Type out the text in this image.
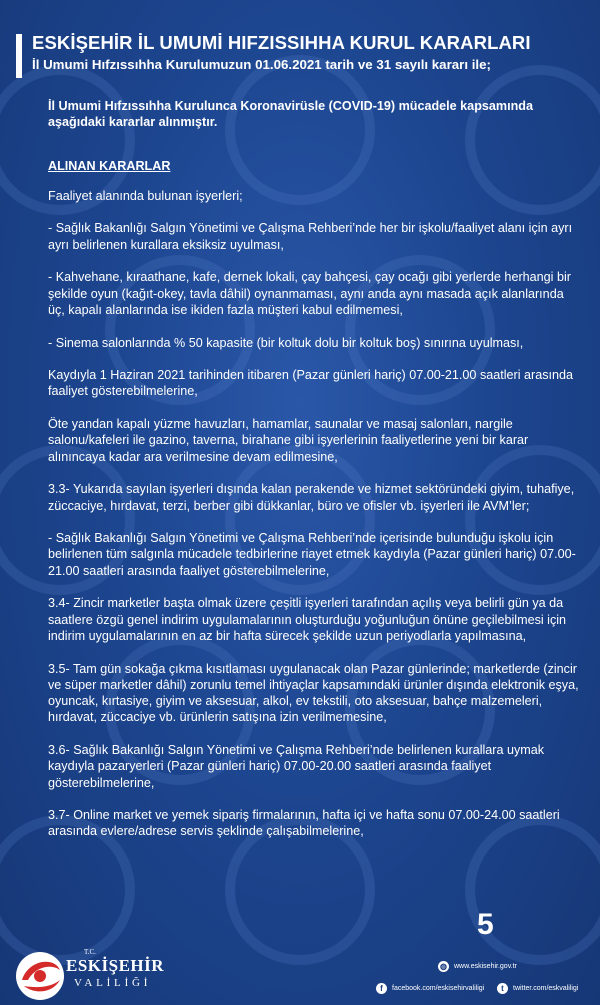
ESKİŞEHİR İL UMUMİ HIFZISSIHHA KURUL KARARLARI
İl Umumi Hıfzıssıhha Kurulumuzun 01.06.2021 tarih ve 31 sayılı kararı ile;

İl Umumi Hıfzıssıhha Kurulunca Koronavirüsle (COVID-19) mücadele kapsamında aşağıdaki kararlar alınmıştır.

ALINAN KARARLAR

Faaliyet alanında bulunan işyerleri;

- Sağlık Bakanlığı Salgın Yönetimi ve Çalışma Rehberi’nde her bir işkolu/faaliyet alanı için ayrı ayrı belirlenen kurallara eksiksiz uyulması,

- Kahvehane, kıraathane, kafe, dernek lokali, çay bahçesi, çay ocağı gibi yerlerde herhangi bir şekilde oyun (kağıt-okey, tavla dâhil) oynanmaması, aynı anda aynı masada açık alanlarında üç, kapalı alanlarında ise ikiden fazla müşteri kabul edilmemesi,

- Sinema salonlarında % 50 kapasite (bir koltuk dolu bir koltuk boş) sınırına uyulması,

Kaydıyla 1 Haziran 2021 tarihinden itibaren (Pazar günleri hariç) 07.00-21.00 saatleri arasında faaliyet gösterebilmelerine,

Öte yandan kapalı yüzme havuzları, hamamlar, saunalar ve masaj salonları, nargile salonu/kafeleri ile gazino, taverna, birahane gibi işyerlerinin faaliyetlerine yeni bir karar alınıncaya kadar ara verilmesine devam edilmesine,

3.3- Yukarıda sayılan işyerleri dışında kalan perakende ve hizmet sektöründeki giyim, tuhafiye, züccaciye, hırdavat, terzi, berber gibi dükkanlar, büro ve ofisler vb. işyerleri ile AVM’ler;

- Sağlık Bakanlığı Salgın Yönetimi ve Çalışma Rehberi’nde içerisinde bulunduğu işkolu için belirlenen tüm salgınla mücadele tedbirlerine riayet etmek kaydıyla (Pazar günleri hariç) 07.00-21.00 saatleri arasında faaliyet gösterebilmelerine,

3.4- Zincir marketler başta olmak üzere çeşitli işyerleri tarafından açılış veya belirli gün ya da saatlere özgü genel indirim uygulamalarının oluşturduğu yoğunluğun önüne geçilebilmesi için indirim uygulamalarının en az bir hafta sürecek şekilde uzun periyodlarla yapılmasına,

3.5- Tam gün sokağa çıkma kısıtlaması uygulanacak olan Pazar günlerinde; marketlerde (zincir ve süper marketler dâhil) zorunlu temel ihtiyaçlar kapsamındaki ürünler dışında elektronik eşya, oyuncak, kırtasiye, giyim ve aksesuar, alkol, ev tekstili, oto aksesuar, bahçe malzemeleri, hırdavat, züccaciye vb. ürünlerin satışına izin verilmemesine,

3.6- Sağlık Bakanlığı Salgın Yönetimi ve Çalışma Rehberi’nde belirlenen kurallara uymak kaydıyla pazaryerleri (Pazar günleri hariç) 07.00-20.00 saatleri arasında faaliyet gösterebilmelerine,

3.7- Online market ve yemek sipariş firmalarının, hafta içi ve hafta sonu 07.00-24.00 saatleri arasında evlere/adrese servis şeklinde çalışabilmelerine,

5
T.C.
ESKİŞEHİR
VALİLİĞİ
◍ www.eskisehir.gov.tr
f	facebook.com/eskisehirvaliligi	t	twitter.com/eskvaliligi
